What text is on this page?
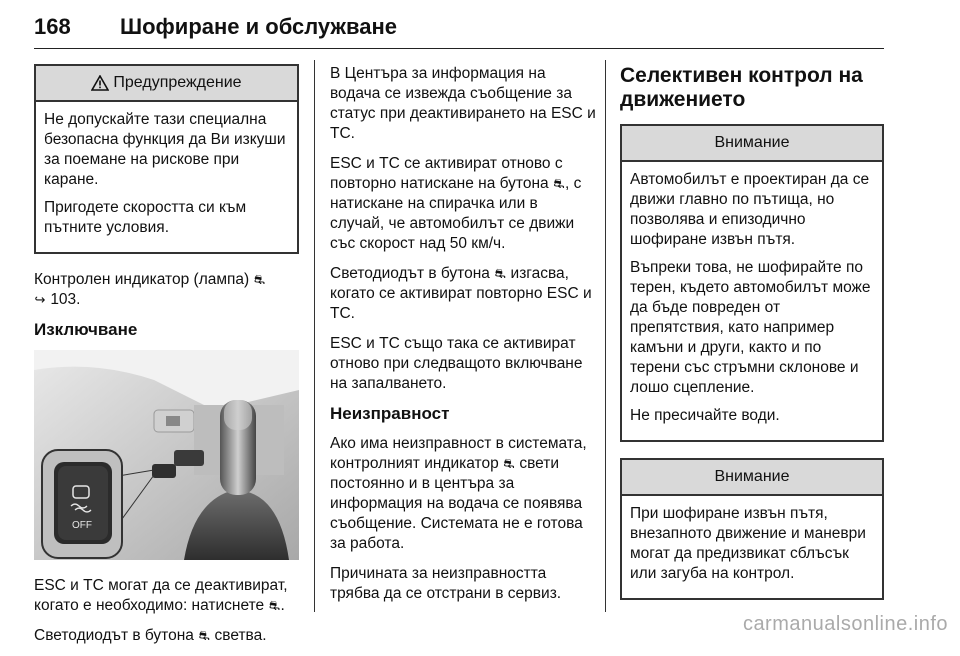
168 Шофиране и обслужване
Предупреждение

Не допускайте тази специална безопасна функция да Ви изкуши за поемане на рискове при каране.

Пригодете скоростта си към пътните условия.

Контролен индикатор (лампа) ⛐
↪ 103.

Изключване

OFF

ESC и TC могат да се деактивират, когато е необходимо: натиснете ⛐.

Светодиодът в бутона ⛐ светва.

В Центъра за информация на водача се извежда съобщение за статус при деактивирането на ESC и TC.

ESC и TC се активират отново с повторно натискане на бутона ⛐, с натискане на спирачка или в случай, че автомобилът се движи със скорост над 50 км/ч.

Светодиодът в бутона ⛐ изгасва, когато се активират повторно ESC и TC.

ESC и TC също така се активират отново при следващото включване на запалването.

Неизправност

Ако има неизправност в системата, контролният индикатор ⛐ свети постоянно и в центъра за информация на водача се появява съобщение. Системата не е готова за работа.

Причината за неизправността трябва да се отстрани в сервиз.

Селективен контрол на движението

Внимание

Автомобилът е проектиран да се движи главно по пътища, но позволява и епизодично шофиране извън пътя.

Въпреки това, не шофирайте по терен, където автомобилът може да бъде повреден от препятствия, като например камъни и други, както и по терени със стръмни склонове и лошо сцепление.

Не пресичайте води.

Внимание

При шофиране извън пътя, внезапното движение и маневри могат да предизвикат сблъсък или загуба на контрол.

carmanualsonline.info
